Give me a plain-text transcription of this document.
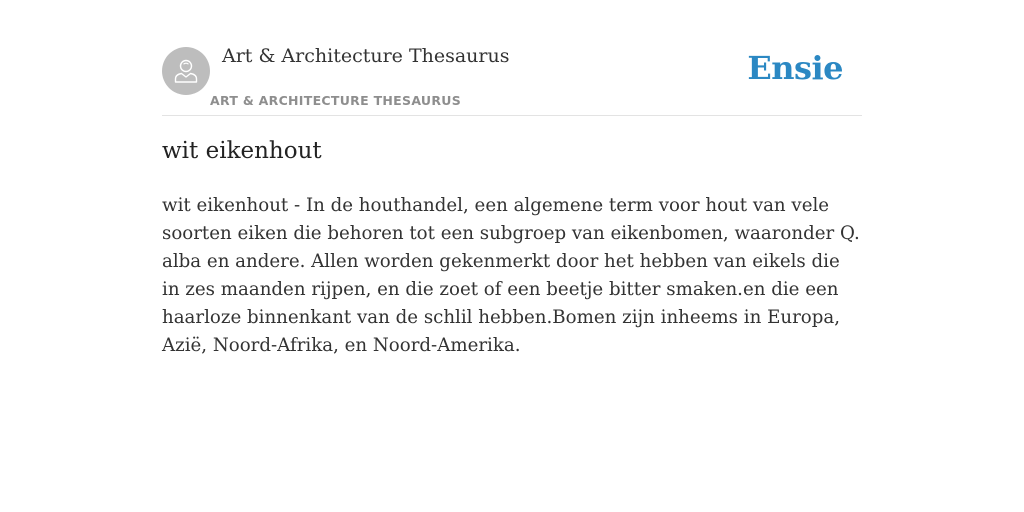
Art & Architecture Thesaurus
ART & ARCHITECTURE THESAURUS
Ensie
wit eikenhout

wit eikenhout - In de houthandel, een algemene term voor hout van vele soorten eiken die behoren tot een subgroep van eikenbomen, waaronder Q. alba en andere. Allen worden gekenmerkt door het hebben van eikels die in zes maanden rijpen, en die zoet of een beetje bitter smaken.en die een haarloze binnenkant van de schlil hebben.Bomen zijn inheems in Europa, Azië, Noord-Afrika, en Noord-Amerika.
